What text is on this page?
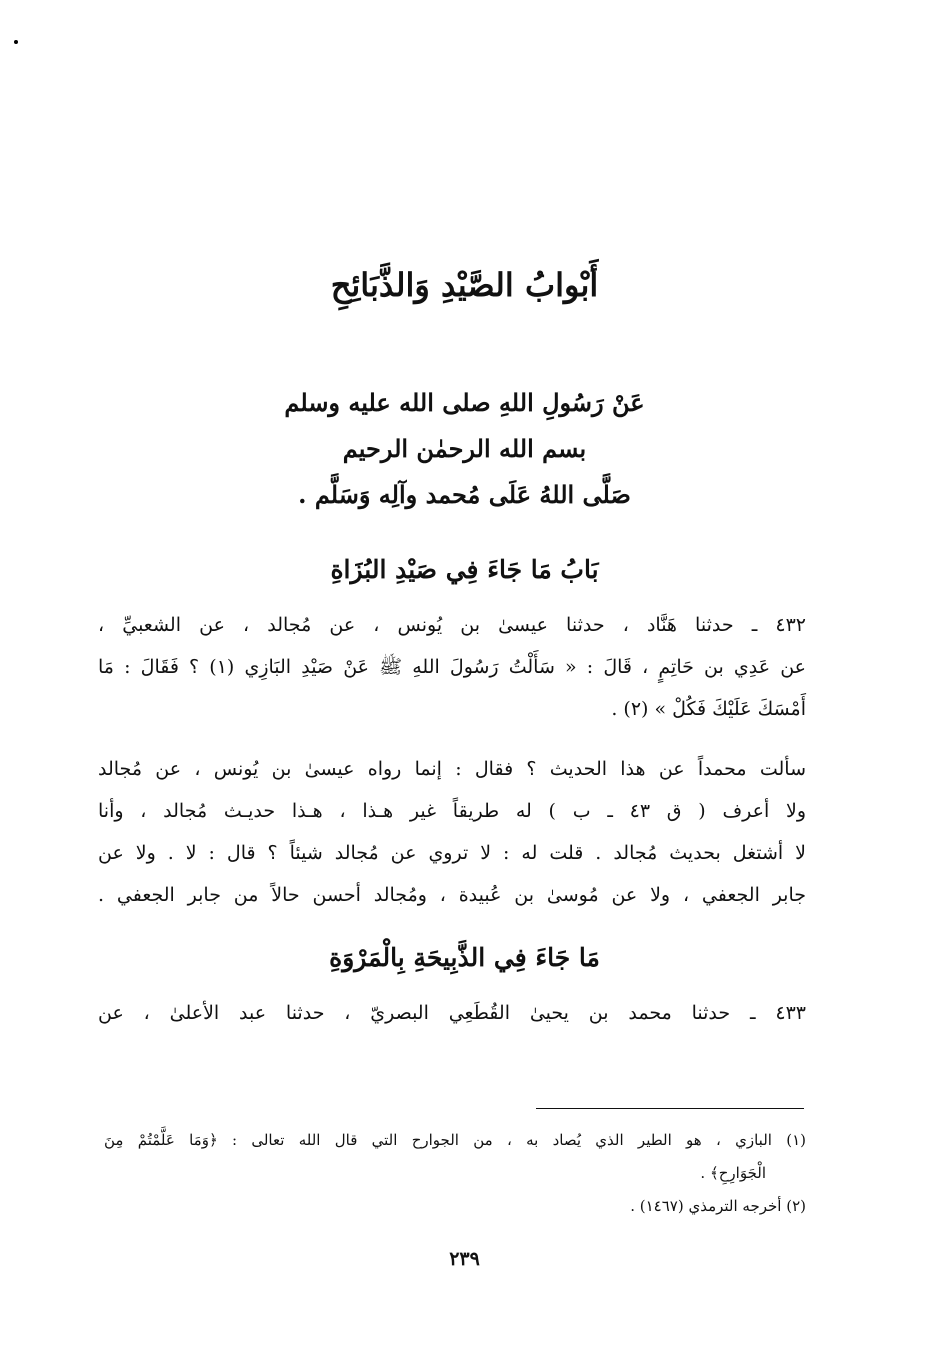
أَبْوابُ الصَّيْدِ وَالذَّبَائِحِ
عَنْ رَسُولِ اللهِ صلى الله عليه وسلم
بسم الله الرحمٰن الرحيم
صَلَّى اللهُ عَلَى مُحمد وآلِه وَسَلَّم .
بَابُ مَا جَاءَ فِي صَيْدِ البُزَاةِ
٤٣٢ ـ حدثنا هَنَّاد ، حدثنا عيسىٰ بن يُونس ، عن مُجالد ، عن الشعبيِّ ،
عن عَدِي بن حَاتِمٍ ، قَالَ : « سَأَلْتُ رَسُولَ اللهِ ﷺ عَنْ صَيْدِ البَازِي (١) ؟ فَقَالَ : مَا
أَمْسَكَ عَلَيْكَ فَكُلْ » (٢) .
سألت محمداً عن هذا الحديث ؟ فقال : إنما رواه عيسىٰ بن يُونس ، عن مُجالد
ولا أعرف ( ق ٤٣ ـ ب ) له طريقاً غير هـذا ، هـذا حديـث مُجالد ، وأنا
لا أشتغل بحديث مُجالد . قلت له : لا تروي عن مُجالد شيئاً ؟ قال : لا . ولا عن
جابر الجعفي ، ولا عن مُوسىٰ بن عُبيدة ، ومُجالد أحسن حالاً من جابر الجعفي .
مَا جَاءَ فِي الذَّبِيحَةِ بِالْمَرْوَةِ
٤٣٣ ـ حدثنا محمد بن يحيىٰ القُطَعِي البصريّ ، حدثنا عبد الأعلىٰ ، عن
(١) البازي ، هو الطير الذي يُصاد به ، من الجوارح التي قال الله تعالى : ﴿وَمَا عَلَّمْتُمْ مِنَ
الْجَوَارِحِ﴾ .
(٢) أخرجه الترمذي (١٤٦٧) .
٢٣٩
